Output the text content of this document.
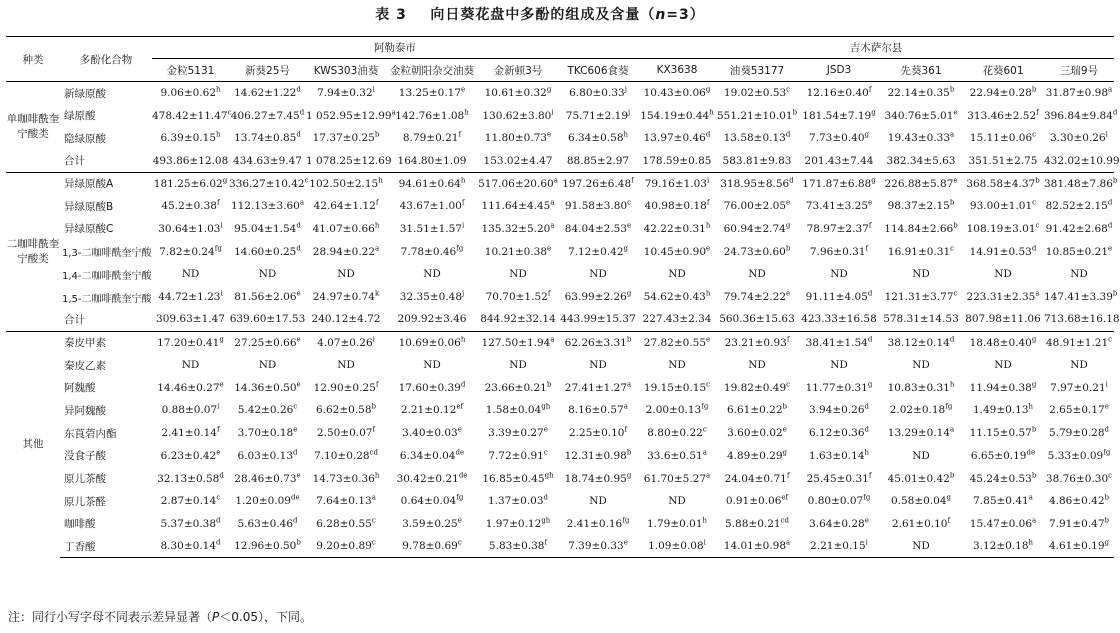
表 3 向日葵花盘中多酚的组成及含量（n=3）
种类	多酚化合物	阿勒泰市						吉木萨尔县					
		金粒5131	新葵25号	KWS303油葵	金粒朝阳杂交油葵	金新顿3号	TKC606食葵	KX3638	油葵53177	JSD3	先葵361	花葵601	三瑞9号
单咖啡酰奎宁酸类	新绿原酸	9.06±0.62$^h$	14.62±1.22$^d$	$7.94\pm 0.32^i$	13.25±0.17$^e$	10.61±0.32$^g$	$6.80\pm 0.33^j$	10.43±0.06$^g$	19.02±0.53$^c$	12.16±0.40$^f$	22.14±0.35$^b$	22.94±0.28$^b$	31.87±0.98$^a$
	绿原酸	478.42±11.47$^c$	406.27±7.45$^d$	1 052.95±12.99$^a$	142.76±1.08$^h$	$130.62\pm 3.80^i$	$75.71\pm 2.19^j$	154.19±0.44$^h$	551.21±10.01$^b$	181.54±7.19$^g$	340.76±5.01$^e$	313.46±2.52$^f$	396.84±9.84$^d$
	隐绿原酸	6.39±0.15$^h$	13.74±0.85$^d$	17.37±0.25$^b$	8.79±0.21$^f$	11.80±0.73$^e$	6.34±0.58$^h$	13.97±0.46$^d$	13.58±0.13$^d$	7.73±0.40$^g$	19.43±0.33$^a$	15.11±0.06$^c$	$3.30\pm 0.26^i$
	合计	493.86±12.08	434.63±9.47	1 078.25±12.69	164.80±1.09	153.02±4.47	88.85±2.97	178.59±0.85	583.81±9.83	201.43±7.44	382.34±5.63	351.51±2.75	432.02±10.99
二咖啡酰奎宁酸类	异绿原酸A	181.25±6.02$^g$	336.27±10.42$^c$	102.50±2.15$^h$	94.61±0.64$^h$	517.06±20.60$^a$	197.26±6.48$^f$	$79.16\pm 1.03^i$	318.95±8.56$^d$	171.87±6.88$^g$	226.88±5.87$^e$	368.58±4.37$^b$	381.48±7.86$^b$
	异绿原酸B	45.2±0.38$^f$	112.13±3.60$^a$	42.64±1.12$^f$	43.67±1.00$^f$	111.64±4.45$^a$	91.58±3.80$^c$	40.98±0.18$^f$	76.00±2.05$^e$	73.41±3.25$^e$	98.37±2.15$^b$	93.00±1.01$^c$	82.52±2.15$^d$
	异绿原酸C	$30.64\pm 1.03^i$	95.04±1.54$^d$	41.07±0.66$^h$	$31.51\pm 1.57^i$	135.32±5.20$^a$	84.04±2.53$^e$	42.22±0.31$^h$	60.94±2.74$^g$	78.97±2.37$^f$	114.84±2.66$^b$	108.19±3.01$^c$	91.42±2.68$^d$
	1,3-二咖啡酰奎宁酸	7.82±0.24$^{fg}$	14.60±0.25$^d$	28.94±0.22$^a$	7.78±0.46$^{fg}$	10.21±0.38$^e$	7.12±0.42$^g$	10.45±0.90$^e$	24.73±0.60$^b$	7.96±0.31$^f$	16.91±0.31$^c$	14.91±0.53$^d$	10.85±0.21$^e$
	1,4-二咖啡酰奎宁酸	ND	ND	ND	ND	ND	ND	ND	ND	ND	ND	ND	ND
	1,5-二咖啡酰奎宁酸	$44.72\pm 1.23^i$	81.56±2.06$^e$	$24.97\pm 0.74^k$	$32.35\pm 0.48^j$	70.70±1.52$^f$	63.99±2.26$^g$	54.62±0.43$^h$	79.74±2.22$^e$	91.11±4.05$^d$	121.31±3.77$^c$	223.31±2.35$^a$	147.41±3.39$^b$
	合计	309.63±1.47	639.60±17.53	240.12±4.72	209.92±3.46	844.92±32.14	443.99±15.37	227.43±2.34	560.36±15.63	423.33±16.58	578.31±14.53	807.98±11.06	713.68±16.18
其他	秦皮甲素	17.20±0.41$^g$	27.25±0.66$^e$	$4.07\pm 0.26^i$	10.69±0.06$^h$	127.50±1.94$^a$	62.26±3.31$^b$	27.82±0.55$^e$	23.21±0.93$^f$	38.41±1.54$^d$	38.12±0.14$^d$	18.48±0.40$^g$	48.91±1.21$^c$
	秦皮乙素	ND	ND	ND	ND	ND	ND	ND	ND	ND	ND	ND	ND
	阿魏酸	14.46±0.27$^e$	14.36±0.50$^e$	12.90±0.25$^f$	17.60±0.39$^d$	23.66±0.21$^b$	27.41±1.27$^a$	19.15±0.15$^c$	19.82±0.49$^c$	11.77±0.31$^g$	10.83±0.31$^h$	11.94±0.38$^g$	$7.97\pm 0.21^i$
	异阿魏酸	$0.88\pm 0.07^i$	5.42±0.26$^c$	6.62±0.58$^b$	2.21±0.12$^{ef}$	1.58±0.04$^{gh}$	8.16±0.57$^a$	2.00±0.13$^{fg}$	6.61±0.22$^b$	3.94±0.26$^d$	2.02±0.18$^{fg}$	1.49±0.13$^h$	2.65±0.17$^e$
	东莨菪内酯	2.41±0.14$^f$	3.70±0.18$^e$	2.50±0.07$^f$	3.40±0.03$^e$	3.39±0.27$^e$	2.25±0.10$^f$	8.80±0.22$^c$	3.60±0.02$^e$	6.12±0.36$^d$	13.29±0.14$^a$	11.15±0.57$^b$	5.79±0.28$^d$
	没食子酸	6.23±0.42$^e$	6.03±0.13$^d$	7.10±0.28$^{cd}$	6.34±0.04de	7.72±0.91$^c$	12.31±0.98$^b$	33.6±0.51$^a$	4.89±0.29$^g$	1.63±0.14$^h$	ND	6.65±0.19de	5.33±0.09$^{fg}$
	原儿茶酸	32.13±0.58$^d$	28.46±0.73$^e$	14.73±0.36$^h$	30.42±0.21de	16.85±0.45$^{gh}$	18.74±0.95$^g$	61.70±5.27$^a$	24.04±0.71$^f$	25.45±0.31$^f$	45.01±0.42$^b$	45.24±0.53$^b$	38.76±0.30$^c$
	原儿茶醛	2.87±0.14$^c$	1.20±0.09de	7.64±0.13$^a$	0.64±0.04$^{fg}$	1.37±0.03$^d$	ND	ND	0.91±0.06$^{ef}$	0.80±0.07$^{fg}$	0.58±0.04$^g$	7.85±0.41$^a$	4.86±0.42$^b$
	咖啡酸	5.37±0.38$^d$	5.63±0.46$^d$	6.28±0.55$^c$	3.59±0.25$^e$	1.97±0.12$^{gh}$	2.41±0.16$^{fg}$	1.79±0.01$^h$	5.88±0.21$^{cd}$	3.64±0.28$^e$	2.61±0.10$^f$	15.47±0.06$^a$	7.91±0.47$^b$
	丁香酸	8.30±0.14$^d$	12.96±0.50$^b$	9.20±0.89$^c$	9.78±0.69$^c$	5.83±0.38$^f$	7.39±0.33$^e$	$1.09\pm 0.08^i$	14.01±0.98$^a$	$2.21\pm 0.15^i$	ND	3.12±0.18$^h$	4.61±0.19$^g$
注：同行小写字母不同表示差异显著（P＜0.05），下同。
